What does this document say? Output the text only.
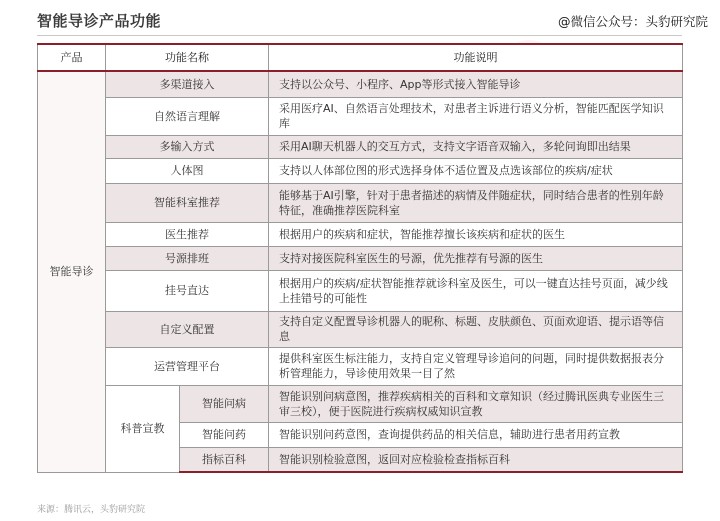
智能导诊产品功能	@微信公众号：头豹研究院
产品	功能名称		功能说明
智能导诊	多渠道接入		支持以公众号、小程序、App等形式接入智能导诊
	自然语言理解		采用医疗AI、自然语言处理技术，对患者主诉进行语义分析，智能匹配医学知识库
	多输入方式		采用AI聊天机器人的交互方式，支持文字语音双输入，多轮问询即出结果
	人体图		支持以人体部位图的形式选择身体不适位置及点选该部位的疾病/症状
	智能科室推荐		能够基于AI引擎，针对于患者描述的病情及伴随症状，同时结合患者的性别年龄特征，准确推荐医院科室
	医生推荐		根据用户的疾病和症状，智能推荐擅长该疾病和症状的医生
	号源排班		支持对接医院科室医生的号源，优先推荐有号源的医生
	挂号直达		根据用户的疾病/症状智能推荐就诊科室及医生，可以一键直达挂号页面，减少线上挂错号的可能性
	自定义配置		支持自定义配置导诊机器人的昵称、标题、皮肤颜色、页面欢迎语、提示语等信息
	运营管理平台		提供科室医生标注能力，支持自定义管理导诊追问的问题，同时提供数据报表分析管理能力，导诊使用效果一目了然
	科普宣教	智能问病	智能识别问病意图，推荐疾病相关的百科和文章知识（经过腾讯医典专业医生三审三校），便于医院进行疾病权威知识宣教
		智能问药	智能识别问药意图，查询提供药品的相关信息，辅助进行患者用药宣教
		指标百科	智能识别检验意图，返回对应检验检查指标百科
来源：腾讯云，头豹研究院
